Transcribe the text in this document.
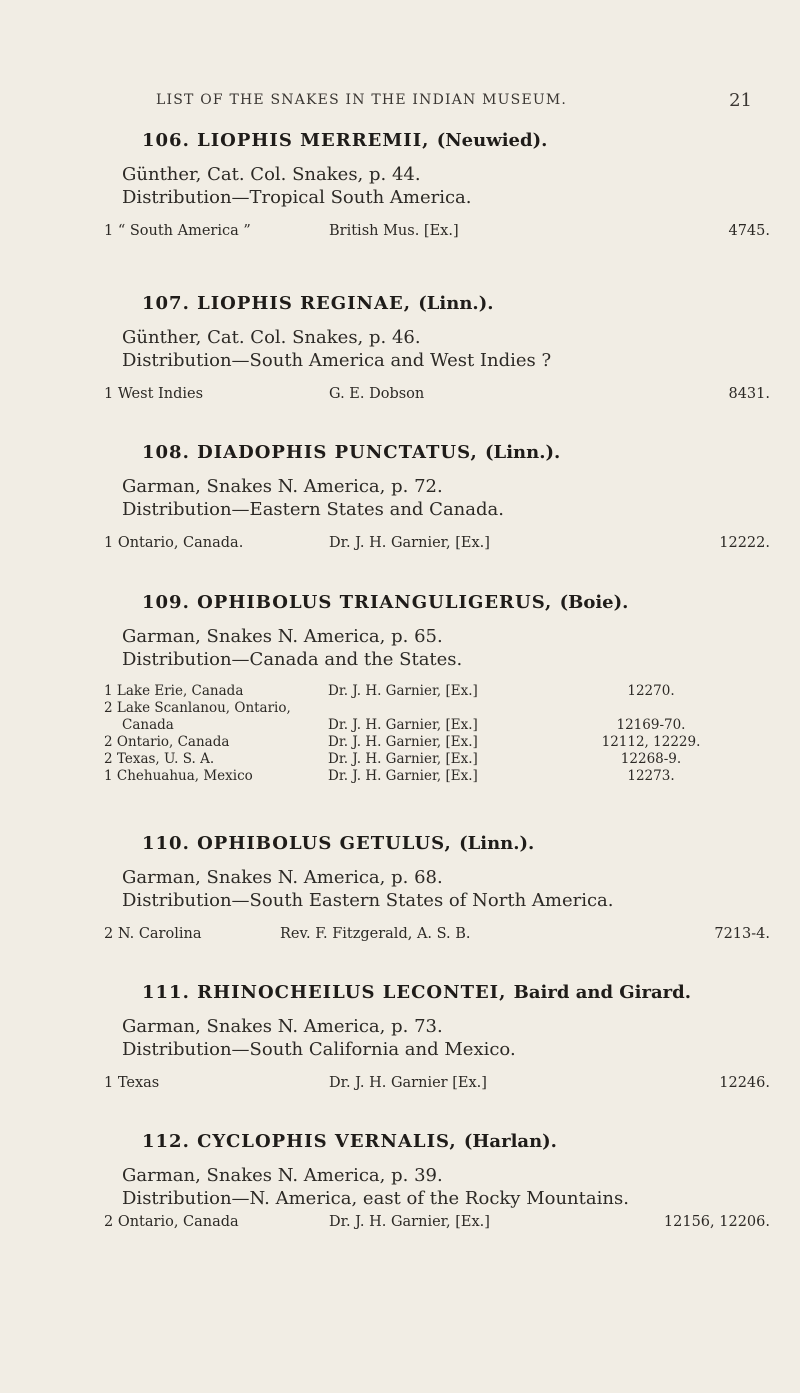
LIST OF THE SNAKES IN THE INDIAN MUSEUM.	21
106. LIOPHIS MERREMII, (Neuwied).
Günther, Cat. Col. Snakes, p. 44.
Distribution—Tropical South America.
1 “ South America ”	British Mus. [Ex.]	4745.
107. LIOPHIS REGINAE, (Linn.).
Günther, Cat. Col. Snakes, p. 46.
Distribution—South America and West Indies ?
1 West Indies	G. E. Dobson	8431.
108. DIADOPHIS PUNCTATUS, (Linn.).
Garman, Snakes N. America, p. 72.
Distribution—Eastern States and Canada.
1 Ontario, Canada.	Dr. J. H. Garnier, [Ex.]	12222.
109. OPHIBOLUS TRIANGULIGERUS, (Boie).
Garman, Snakes N. America, p. 65.
Distribution—Canada and the States.
1 Lake Erie, Canada	Dr. J. H. Garnier, [Ex.]	12270.
2 Lake Scanlanou, Ontario,
Canada	Dr. J. H. Garnier, [Ex.]	12169-70.
2 Ontario, Canada	Dr. J. H. Garnier, [Ex.]	12112, 12229.
2 Texas, U. S. A.	Dr. J. H. Garnier, [Ex.]	12268-9.
1 Chehuahua, Mexico	Dr. J. H. Garnier, [Ex.]	12273.
110. OPHIBOLUS GETULUS, (Linn.).
Garman, Snakes N. America, p. 68.
Distribution—South Eastern States of North America.
2 N. Carolina	Rev. F. Fitzgerald, A. S. B.	7213-4.
111. RHINOCHEILUS LECONTEI, Baird and Girard.
Garman, Snakes N. America, p. 73.
Distribution—South California and Mexico.
1 Texas	Dr. J. H. Garnier [Ex.]	12246.
112. CYCLOPHIS VERNALIS, (Harlan).
Garman, Snakes N. America, p. 39.
Distribution—N. America, east of the Rocky Mountains.
2 Ontario, Canada	Dr. J. H. Garnier, [Ex.]	12156, 12206.
